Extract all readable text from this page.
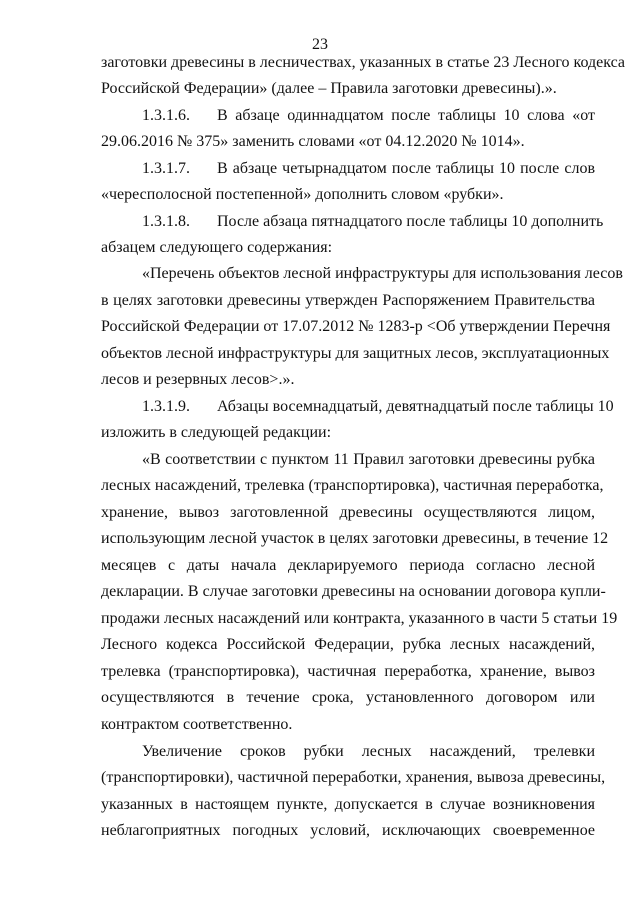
23
заготовки древесины в лесничествах, указанных в статье 23 Лесного кодекса
Российской Федерации» (далее – Правила заготовки древесины).».
1.3.1.6. В абзаце одиннадцатом после таблицы 10 слова «от
29.06.2016 № 375» заменить словами «от 04.12.2020 № 1014».
1.3.1.7. В абзаце четырнадцатом после таблицы 10 после слов
«чересполосной постепенной» дополнить словом «рубки».
1.3.1.8. После абзаца пятнадцатого после таблицы 10 дополнить
абзацем следующего содержания:
«Перечень объектов лесной инфраструктуры для использования лесов
в целях заготовки древесины утвержден Распоряжением Правительства
Российской Федерации от 17.07.2012 № 1283-р <Об утверждении Перечня
объектов лесной инфраструктуры для защитных лесов, эксплуатационных
лесов и резервных лесов>.».
1.3.1.9. Абзацы восемнадцатый, девятнадцатый после таблицы 10
изложить в следующей редакции:
«В соответствии с пунктом 11 Правил заготовки древесины рубка
лесных насаждений, трелевка (транспортировка), частичная переработка,
хранение, вывоз заготовленной древесины осуществляются лицом,
использующим лесной участок в целях заготовки древесины, в течение 12
месяцев с даты начала декларируемого периода согласно лесной
декларации. В случае заготовки древесины на основании договора купли-
продажи лесных насаждений или контракта, указанного в части 5 статьи 19
Лесного кодекса Российской Федерации, рубка лесных насаждений,
трелевка (транспортировка), частичная переработка, хранение, вывоз
осуществляются в течение срока, установленного договором или
контрактом соответственно.
Увеличение сроков рубки лесных насаждений, трелевки
(транспортировки), частичной переработки, хранения, вывоза древесины,
указанных в настоящем пункте, допускается в случае возникновения
неблагоприятных погодных условий, исключающих своевременное
